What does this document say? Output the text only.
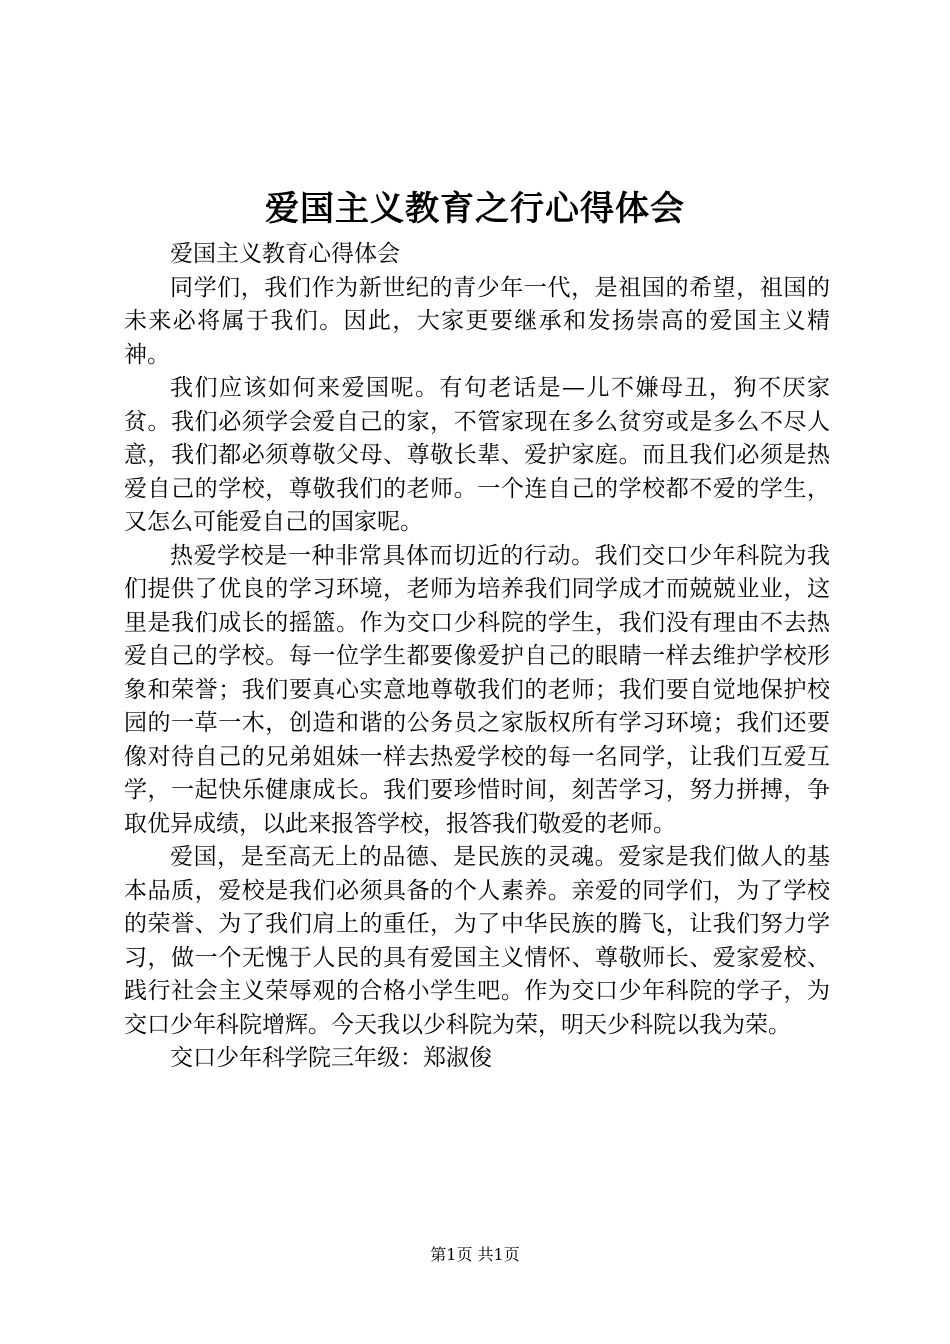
爱国主义教育之行心得体会

爱国主义教育心得体会

同学们，我们作为新世纪的青少年一代，是祖国的希望，祖国的未来必将属于我们。因此，大家更要继承和发扬崇高的爱国主义精神。

我们应该如何来爱国呢。有句老话是—儿不嫌母丑，狗不厌家贫。我们必须学会爱自己的家，不管家现在多么贫穷或是多么不尽人意，我们都必须尊敬父母、尊敬长辈、爱护家庭。而且我们必须是热爱自己的学校，尊敬我们的老师。一个连自己的学校都不爱的学生，又怎么可能爱自己的国家呢。

热爱学校是一种非常具体而切近的行动。我们交口少年科院为我们提供了优良的学习环境，老师为培养我们同学成才而兢兢业业，这里是我们成长的摇篮。作为交口少科院的学生，我们没有理由不去热爱自己的学校。每一位学生都要像爱护自己的眼睛一样去维护学校形象和荣誉；我们要真心实意地尊敬我们的老师；我们要自觉地保护校园的一草一木，创造和谐的公务员之家版权所有学习环境；我们还要像对待自己的兄弟姐妹一样去热爱学校的每一名同学，让我们互爱互学，一起快乐健康成长。我们要珍惜时间，刻苦学习，努力拼搏，争取优异成绩，以此来报答学校，报答我们敬爱的老师。

爱国，是至高无上的品德、是民族的灵魂。爱家是我们做人的基本品质，爱校是我们必须具备的个人素养。亲爱的同学们，为了学校的荣誉、为了我们肩上的重任，为了中华民族的腾飞，让我们努力学习，做一个无愧于人民的具有爱国主义情怀、尊敬师长、爱家爱校、践行社会主义荣辱观的合格小学生吧。作为交口少年科院的学子，为交口少年科院增辉。今天我以少科院为荣，明天少科院以我为荣。

交口少年科学院三年级：郑淑俊

第1页 共1页
